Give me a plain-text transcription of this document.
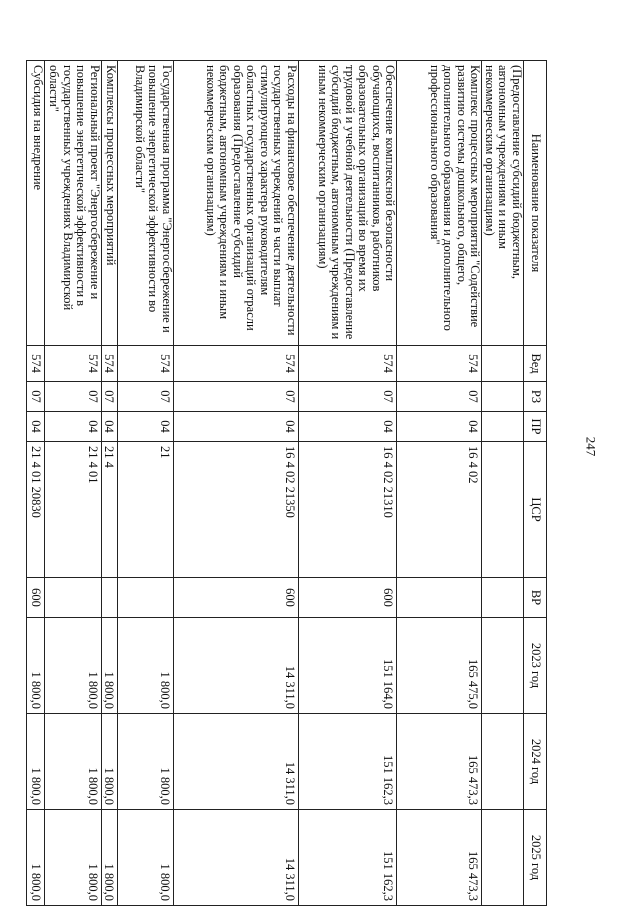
247
Наименование показателя	Вед	РЗ	ПР	ЦСР	ВР	2023 год	2024 год	2025 год
(Предоставление субсидий бюджетным, автономным учреждениям и иным некоммерческим организациям)								
Комплекс процессных мероприятий "Содействие развитию системы дошкольного, общего, дополнительного образования и дополнительного профессионального образования"	574	07	04	16 4 02		165 475,0	165 473,3	165 473,3
Обеспечение комплексной безопасности обучающихся, воспитанников, работников образовательных организаций во время их трудовой и учебной деятельности (Предоставление субсидий бюджетным, автономным учреждениям и иным некоммерческим организациям)	574	07	04	16 4 02 21310	600	151 164,0	151 162,3	151 162,3
Расходы на финансовое обеспечение деятельности государственных учреждений в части выплат стимулирующего характера руководителям областных государственных организаций отрасли образования (Предоставление субсидий бюджетным, автономным учреждениям и иным некоммерческим организациям)	574	07	04	16 4 02 21350	600	14 311,0	14 311,0	14 311,0
Государственная программа "Энергосбережение и повышение энергетической эффективности во Владимирской области"	574	07	04	21		1 800,0	1 800,0	1 800,0
Комплексы процессных мероприятий	574	07	04	21 4		1 800,0	1 800,0	1 800,0
Региональный проект "Энергосбережение и повышение энергетической эффективности в государственных учреждениях Владимирской области"	574	07	04	21 4 01		1 800,0	1 800,0	1 800,0
Субсидия на внедрение	574	07	04	21 4 01 20830	600	1 800,0	1 800,0	1 800,0
